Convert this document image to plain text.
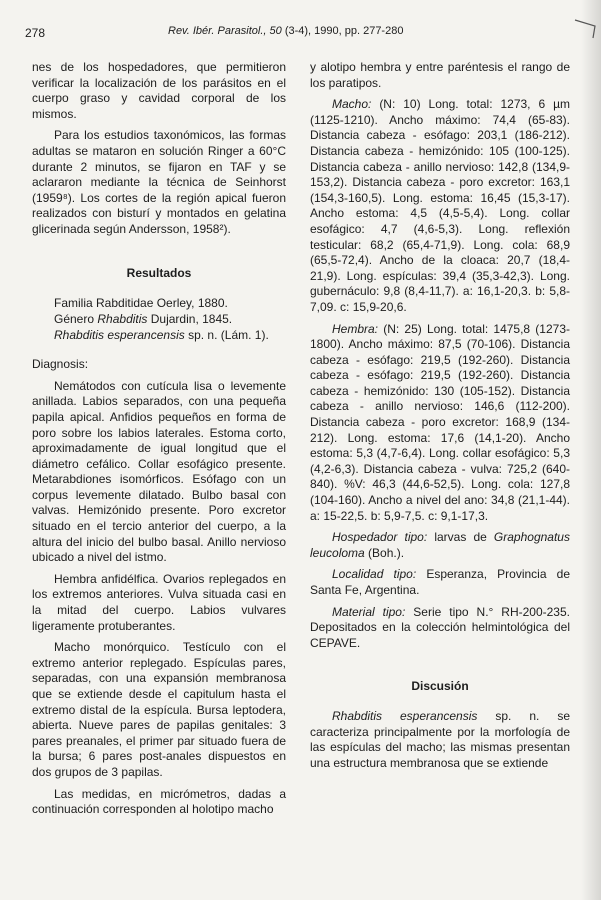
278	Rev. Ibér. Parasitol., 50 (3-4), 1990, pp. 277-280

nes de los hospedadores, que permitieron verificar la localización de los parásitos en el cuerpo graso y cavidad corporal de los mismos.

Para los estudios taxonómicos, las formas adultas se mataron en solución Ringer a 60°C durante 2 minutos, se fijaron en TAF y se aclararon mediante la técnica de Seinhorst (1959⁸). Los cortes de la región apical fueron realizados con bisturí y montados en gelatina glicerinada según Andersson, 1958²).

Resultados

Familia Rabditidae Oerley, 1880.

Género Rhabditis Dujardin, 1845.

Rhabditis esperancensis sp. n. (Lám. 1).

Diagnosis:

Nemátodos con cutícula lisa o levemente anillada. Labios separados, con una pequeña papila apical. Anfidios pequeños en forma de poro sobre los labios laterales. Estoma corto, aproximadamente de igual longitud que el diámetro cefálico. Collar esofágico presente. Metarabdiones isomórficos. Esófago con un corpus levemente dilatado. Bulbo basal con valvas. Hemizónido presente. Poro excretor situado en el tercio anterior del cuerpo, a la altura del inicio del bulbo basal. Anillo nervioso ubicado a nivel del istmo.

Hembra anfidélfica. Ovarios replegados en los extremos anteriores. Vulva situada casi en la mitad del cuerpo. Labios vulvares ligeramente protuberantes.

Macho monórquico. Testículo con el extremo anterior replegado. Espículas pares, separadas, con una expansión membranosa que se extiende desde el capitulum hasta el extremo distal de la espícula. Bursa leptodera, abierta. Nueve pares de papilas genitales: 3 pares preanales, el primer par situado fuera de la bursa; 6 pares post-anales dispuestos en dos grupos de 3 papilas.

Las medidas, en micrómetros, dadas a continuación corresponden al holotipo macho

y alotipo hembra y entre paréntesis el rango de los paratipos.

Macho: (N: 10) Long. total: 1273, 6 µm (1125-1210). Ancho máximo: 74,4 (65-83). Distancia cabeza - esófago: 203,1 (186-212). Distancia cabeza - hemizónido: 105 (100-125). Distancia cabeza - anillo nervioso: 142,8 (134,9-153,2). Distancia cabeza - poro excretor: 163,1 (154,3-160,5). Long. estoma: 16,45 (15,3-17). Ancho estoma: 4,5 (4,5-5,4). Long. collar esofágico: 4,7 (4,6-5,3). Long. reflexión testicular: 68,2 (65,4-71,9). Long. cola: 68,9 (65,5-72,4). Ancho de la cloaca: 20,7 (18,4-21,9). Long. espículas: 39,4 (35,3-42,3). Long. gubernáculo: 9,8 (8,4-11,7). a: 16,1-20,3. b: 5,8-7,09. c: 15,9-20,6.

Hembra: (N: 25) Long. total: 1475,8 (1273-1800). Ancho máximo: 87,5 (70-106). Distancia cabeza - esófago: 219,5 (192-260). Distancia cabeza - esófago: 219,5 (192-260). Distancia cabeza - hemizónido: 130 (105-152). Distancia cabeza - anillo nervioso: 146,6 (112-200). Distancia cabeza - poro excretor: 168,9 (134-212). Long. estoma: 17,6 (14,1-20). Ancho estoma: 5,3 (4,7-6,4). Long. collar esofágico: 5,3 (4,2-6,3). Distancia cabeza - vulva: 725,2 (640-840). %V: 46,3 (44,6-52,5). Long. cola: 127,8 (104-160). Ancho a nivel del ano: 34,8 (21,1-44). a: 15-22,5. b: 5,9-7,5. c: 9,1-17,3.

Hospedador tipo: larvas de Graphognatus leucoloma (Boh.).

Localidad tipo: Esperanza, Provincia de Santa Fe, Argentina.

Material tipo: Serie tipo N.° RH-200-235. Depositados en la colección helmintológica del CEPAVE.

Discusión

Rhabditis esperancensis sp. n. se caracteriza principalmente por la morfología de las espículas del macho; las mismas presentan una estructura membranosa que se extiende
